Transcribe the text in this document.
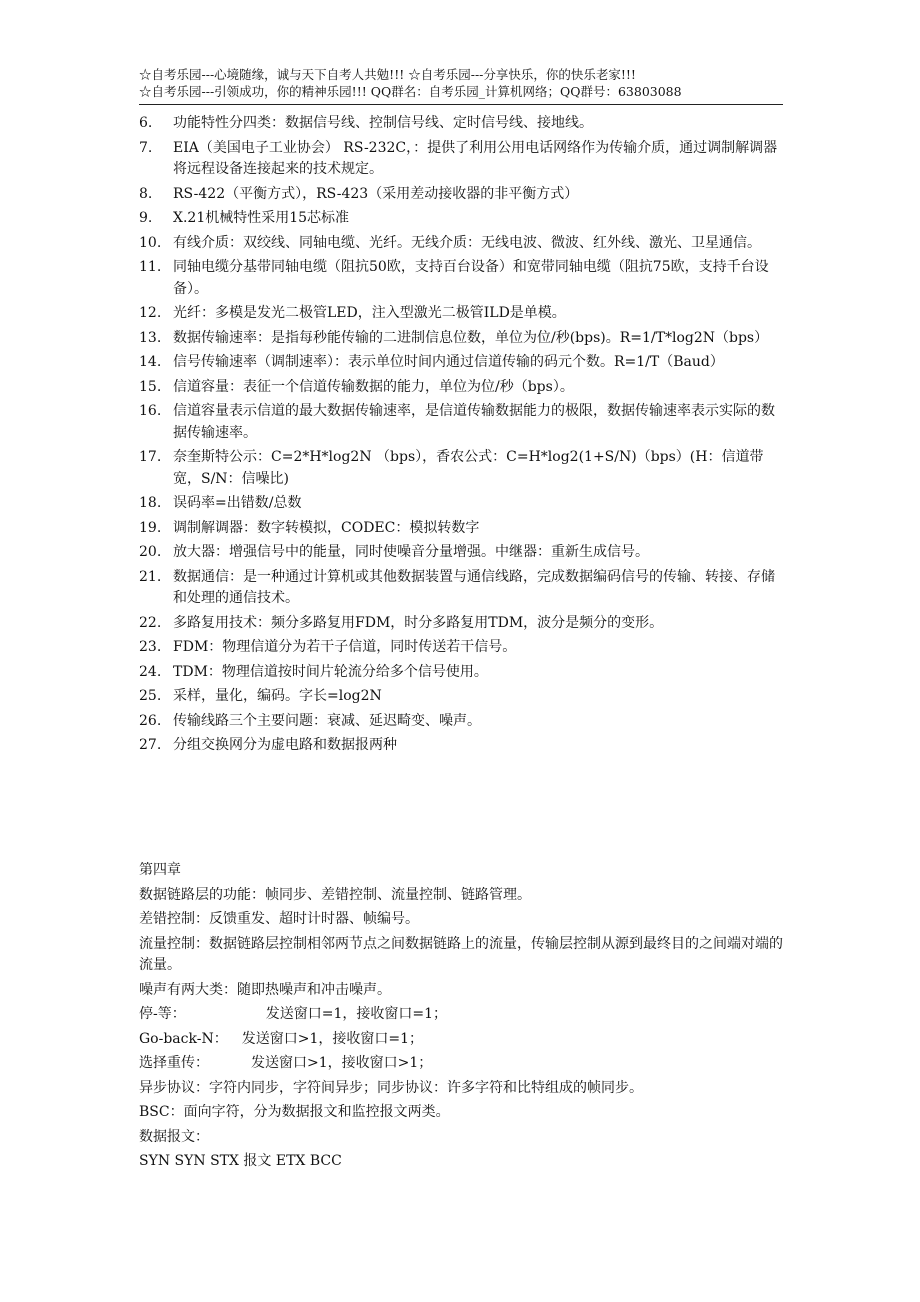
☆自考乐园---心境随缘，诚与天下自考人共勉!!! ☆自考乐园---分享快乐，你的快乐老家!!!
☆自考乐园---引领成功，你的精神乐园!!! QQ群名：自考乐园_计算机网络；QQ群号：63803088
6. 功能特性分四类：数据信号线、控制信号线、定时信号线、接地线。
7. EIA（美国电子工业协会） RS-232C，：提供了利用公用电话网络作为传输介质，通过调制解调器将远程设备连接起来的技术规定。
8. RS-422（平衡方式），RS-423（采用差动接收器的非平衡方式）
9. X.21机械特性采用15芯标准
10. 有线介质：双绞线、同轴电缆、光纤。无线介质：无线电波、微波、红外线、激光、卫星通信。
11. 同轴电缆分基带同轴电缆（阻抗50欧，支持百台设备）和宽带同轴电缆（阻抗75欧，支持千台设备）。
12. 光纤：多模是发光二极管LED，注入型激光二极管ILD是单模。
13. 数据传输速率：是指每秒能传输的二进制信息位数，单位为位/秒(bps)。R=1/T*log2N（bps）
14. 信号传输速率（调制速率）：表示单位时间内通过信道传输的码元个数。R=1/T（Baud）
15. 信道容量：表征一个信道传输数据的能力，单位为位/秒（bps）。
16. 信道容量表示信道的最大数据传输速率，是信道传输数据能力的极限，数据传输速率表示实际的数据传输速率。
17. 奈奎斯特公示：C=2*H*log2N （bps），香农公式：C=H*log2(1+S/N)（bps）(H：信道带宽，S/N：信噪比)
18. 误码率=出错数/总数
19. 调制解调器：数字转模拟，CODEC：模拟转数字
20. 放大器：增强信号中的能量，同时使噪音分量增强。中继器：重新生成信号。
21. 数据通信：是一种通过计算机或其他数据装置与通信线路，完成数据编码信号的传输、转接、存储和处理的通信技术。
22. 多路复用技术：频分多路复用FDM，时分多路复用TDM，波分是频分的变形。
23. FDM：物理信道分为若干子信道，同时传送若干信号。
24. TDM：物理信道按时间片轮流分给多个信号使用。
25. 采样，量化，编码。字长=log2N
26. 传输线路三个主要问题：衰减、延迟畸变、噪声。
27. 分组交换网分为虚电路和数据报两种

第四章

数据链路层的功能：帧同步、差错控制、流量控制、链路管理。

差错控制：反馈重发、超时计时器、帧编号。

流量控制：数据链路层控制相邻两节点之间数据链路上的流量，传输层控制从源到最终目的之间端对端的流量。

噪声有两大类：随即热噪声和冲击噪声。

停-等：	发送窗口=1，接收窗口=1；

Go-back-N： 发送窗口>1，接收窗口=1；

选择重传：	发送窗口>1，接收窗口>1；

异步协议：字符内同步，字符间异步；同步协议：许多字符和比特组成的帧同步。

BSC：面向字符，分为数据报文和监控报文两类。

数据报文：

SYN SYN STX 报文 ETX BCC
